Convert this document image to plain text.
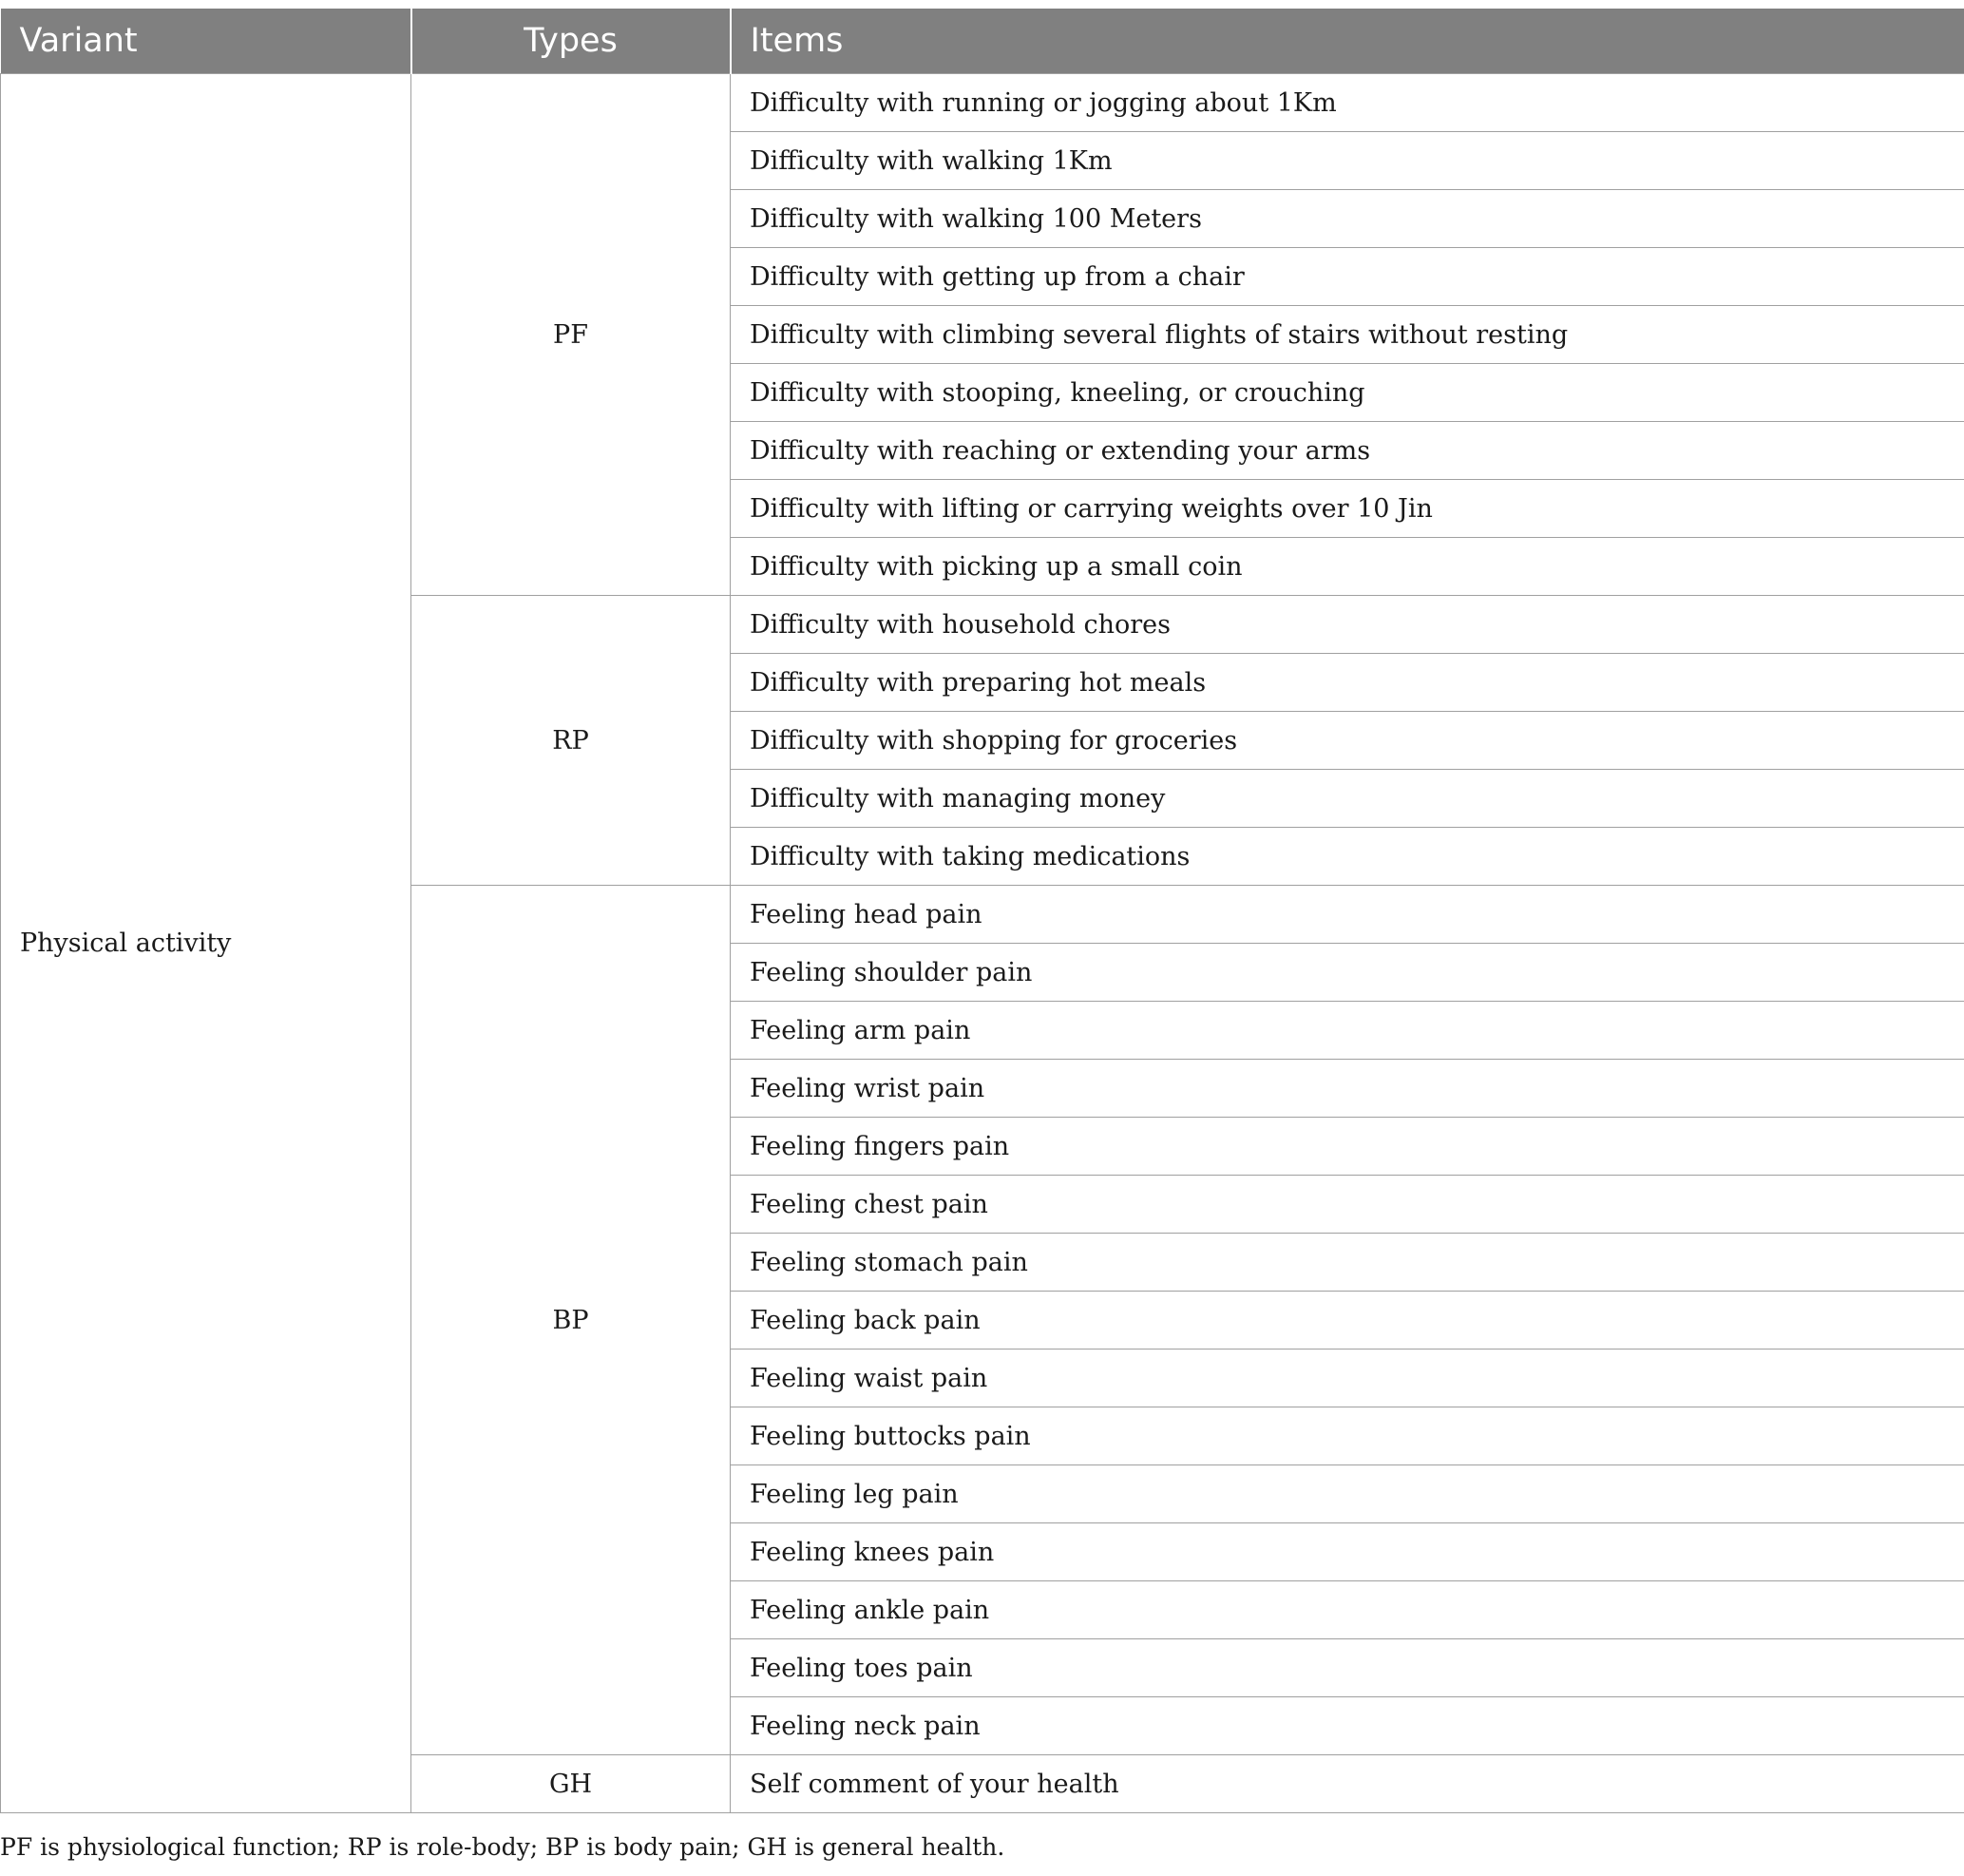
Variant	Types	Items
Physical activity	PF	Difficulty with running or jogging about 1Km
		Difficulty with walking 1Km
		Difficulty with walking 100 Meters
		Difficulty with getting up from a chair
		Difficulty with climbing several flights of stairs without resting
		Difficulty with stooping, kneeling, or crouching
		Difficulty with reaching or extending your arms
		Difficulty with lifting or carrying weights over 10 Jin
		Difficulty with picking up a small coin
	RP	Difficulty with household chores
		Difficulty with preparing hot meals
		Difficulty with shopping for groceries
		Difficulty with managing money
		Difficulty with taking medications
	BP	Feeling head pain
		Feeling shoulder pain
		Feeling arm pain
		Feeling wrist pain
		Feeling fingers pain
		Feeling chest pain
		Feeling stomach pain
		Feeling back pain
		Feeling waist pain
		Feeling buttocks pain
		Feeling leg pain
		Feeling knees pain
		Feeling ankle pain
		Feeling toes pain
		Feeling neck pain
	GH	Self comment of your health
PF is physiological function; RP is role-body; BP is body pain; GH is general health.
